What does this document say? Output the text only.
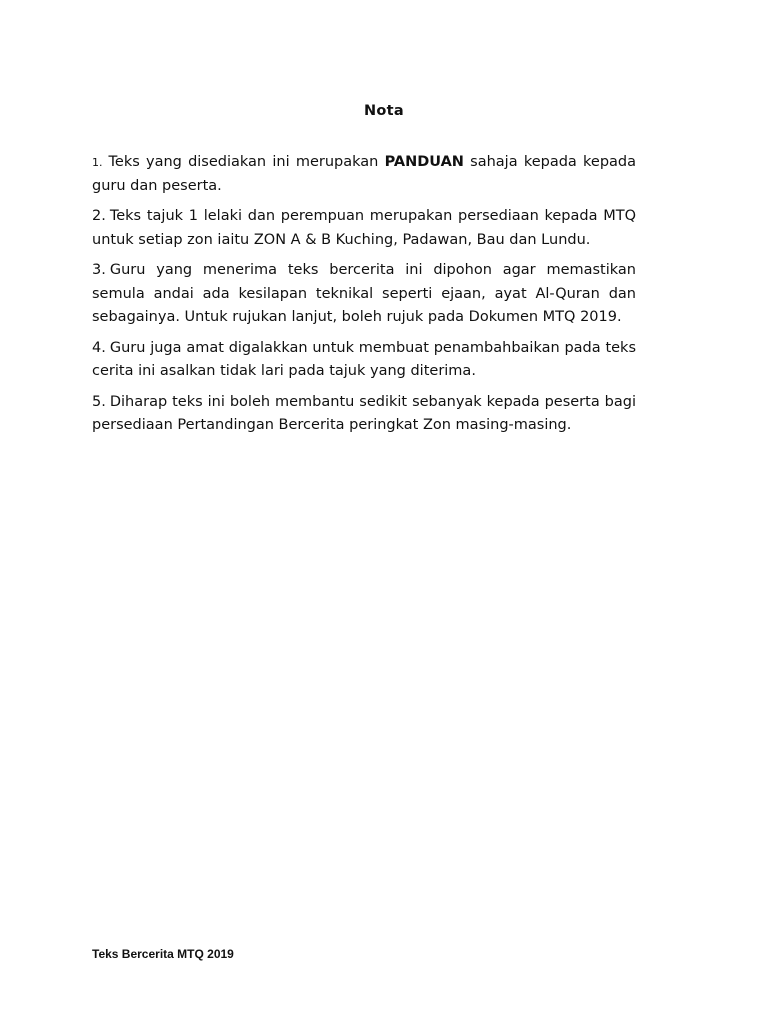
Nota

1. Teks yang disediakan ini merupakan PANDUAN sahaja kepada kepada guru dan peserta.

2. Teks tajuk 1 lelaki dan perempuan merupakan persediaan kepada MTQ untuk setiap zon iaitu ZON A & B Kuching, Padawan, Bau dan Lundu.

3. Guru yang menerima teks bercerita ini dipohon agar memastikan semula andai ada kesilapan teknikal seperti ejaan, ayat Al-Quran dan sebagainya. Untuk rujukan lanjut, boleh rujuk pada Dokumen MTQ 2019.

4. Guru juga amat digalakkan untuk membuat penambahbaikan pada teks cerita ini asalkan tidak lari pada tajuk yang diterima.

5. Diharap teks ini boleh membantu sedikit sebanyak kepada peserta bagi persediaan Pertandingan Bercerita peringkat Zon masing-masing.

Teks Bercerita MTQ 2019
